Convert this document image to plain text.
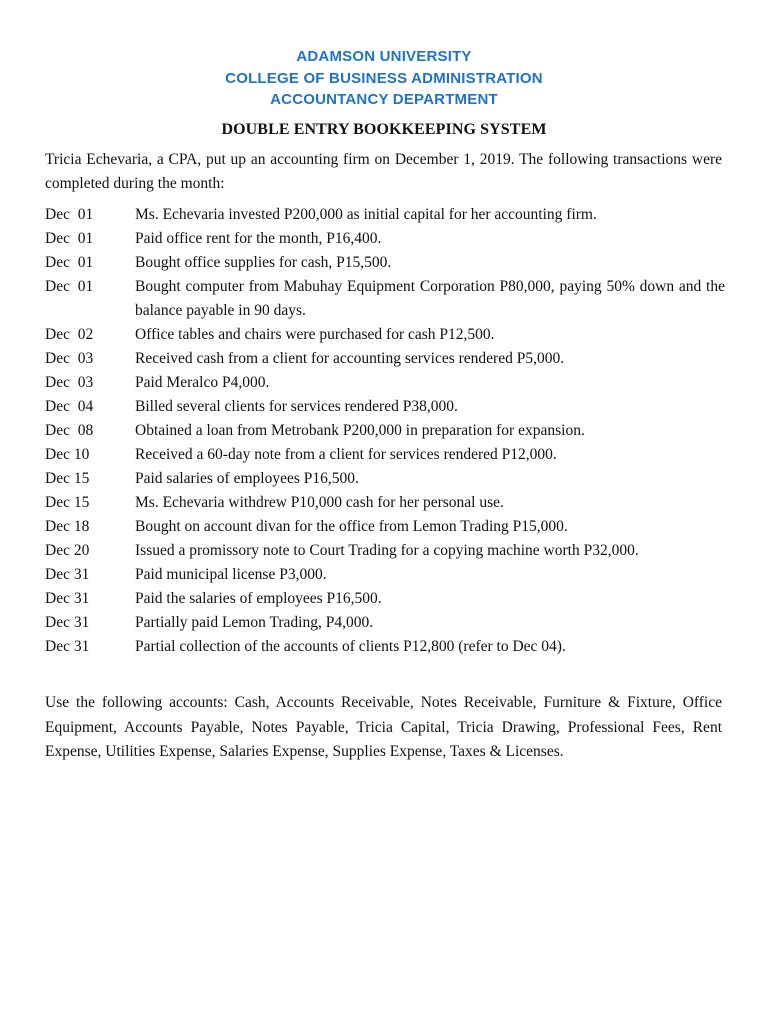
ADAMSON UNIVERSITY
COLLEGE OF BUSINESS ADMINISTRATION
ACCOUNTANCY DEPARTMENT
DOUBLE ENTRY BOOKKEEPING SYSTEM
Tricia Echevaria, a CPA, put up an accounting firm on December 1, 2019. The following transactions were completed during the month:
Dec  01	Ms. Echevaria invested P200,000 as initial capital for her accounting firm.
Dec  01	Paid office rent for the month, P16,400.
Dec  01	Bought office supplies for cash, P15,500.
Dec  01	Bought computer from Mabuhay Equipment Corporation P80,000, paying 50% down and the balance payable in 90 days.
Dec  02	Office tables and chairs were purchased for cash P12,500.
Dec  03	Received cash from a client for accounting services rendered P5,000.
Dec  03	Paid Meralco P4,000.
Dec  04	Billed several clients for services rendered P38,000.
Dec  08	Obtained a loan from Metrobank P200,000 in preparation for expansion.
Dec 10	Received a 60-day note from a client for services rendered P12,000.
Dec 15	Paid salaries of employees P16,500.
Dec 15	Ms. Echevaria withdrew P10,000 cash for her personal use.
Dec 18	Bought on account divan for the office from Lemon Trading P15,000.
Dec 20	Issued a promissory note to Court Trading for a copying machine worth P32,000.
Dec 31	Paid municipal license P3,000.
Dec 31	Paid the salaries of employees P16,500.
Dec 31	Partially paid Lemon Trading, P4,000.
Dec 31	Partial collection of the accounts of clients P12,800 (refer to Dec 04).
Use the following accounts: Cash, Accounts Receivable, Notes Receivable, Furniture & Fixture, Office Equipment, Accounts Payable, Notes Payable, Tricia Capital, Tricia Drawing, Professional Fees, Rent Expense, Utilities Expense, Salaries Expense, Supplies Expense, Taxes & Licenses.
